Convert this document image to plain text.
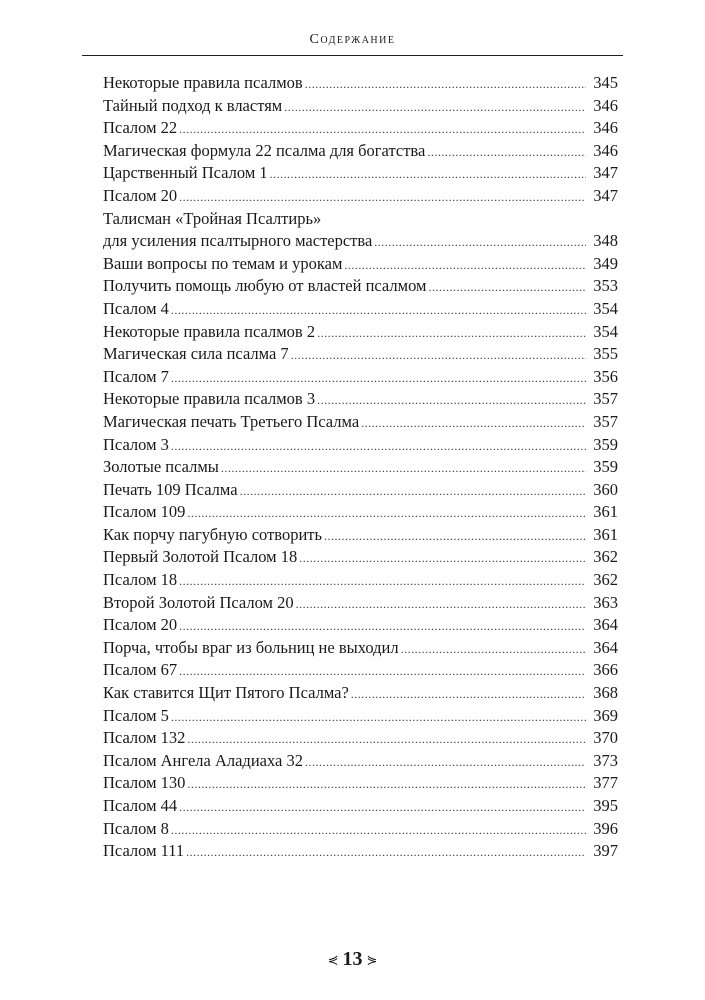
Содержание
Некоторые правила псалмов .....	345
Тайный подход к властям .....	346
Псалом 22 .....	346
Магическая формула 22 псалма для богатства .....	346
Царственный Псалом 1 .....	347
Псалом 20 .....	347
Талисман «Тройная Псалтирь»
для усиления псалтырного мастерства .....	348
Ваши вопросы по темам и урокам .....	349
Получить помощь любую от властей псалмом .....	353
Псалом 4 .....	354
Некоторые правила псалмов 2 .....	354
Магическая сила псалма 7 .....	355
Псалом 7 .....	356
Некоторые правила псалмов 3 .....	357
Магическая печать Третьего Псалма .....	357
Псалом 3 .....	359
Золотые псалмы .....	359
Печать 109 Псалма .....	360
Псалом 109 .....	361
Как порчу пагубную сотворить .....	361
Первый Золотой Псалом 18 .....	362
Псалом 18 .....	362
Второй Золотой Псалом 20 .....	363
Псалом 20 .....	364
Порча, чтобы враг из больниц не выходил .....	364
Псалом 67 .....	366
Как ставится Щит Пятого Псалма? .....	368
Псалом 5 .....	369
Псалом 132 .....	370
Псалом Ангела Аладиаха 32 .....	373
Псалом 130 .....	377
Псалом 44 .....	395
Псалом 8 .....	396
Псалом 111 .....	397
⋞ 13 ⋟
